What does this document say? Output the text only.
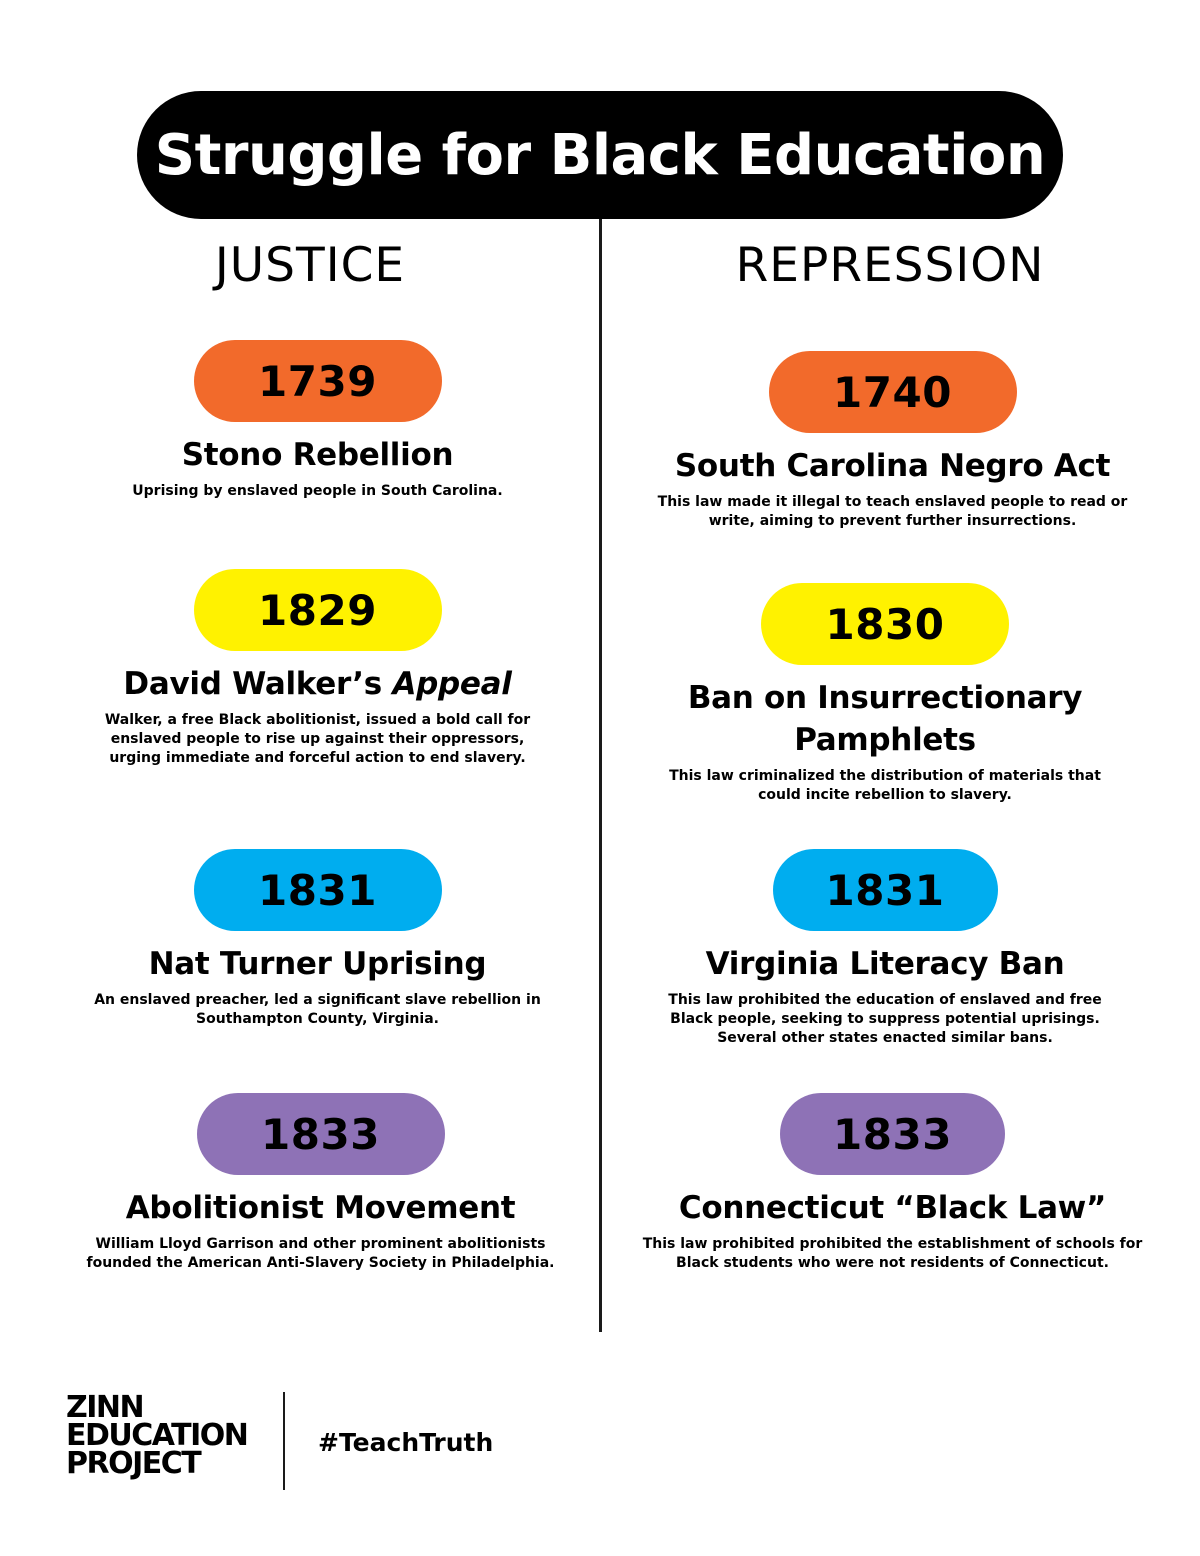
Struggle for Black Education
JUSTICE	REPRESSION
1739
Stono Rebellion

Uprising by enslaved people in South Carolina.

1829
David Walker’s Appeal

Walker, a free Black abolitionist, issued a bold call for enslaved people to rise up against their oppressors, urging immediate and forceful action to end slavery.

1831
Nat Turner Uprising

An enslaved preacher, led a significant slave rebellion in Southampton County, Virginia.

1833
Abolitionist Movement

William Lloyd Garrison and other prominent abolitionists founded the American Anti-Slavery Society in Philadelphia.

1740
South Carolina Negro Act

This law made it illegal to teach enslaved people to read or write, aiming to prevent further insurrections.

1830
Ban on Insurrectionary Pamphlets

This law criminalized the distribution of materials that could incite rebellion to slavery.

1831
Virginia Literacy Ban

This law prohibited the education of enslaved and free Black people, seeking to suppress potential uprisings. Several other states enacted similar bans.

1833
Connecticut “Black Law”

This law prohibited prohibited the establishment of schools for Black students who were not residents of Connecticut.

ZINN
EDUCATION
PROJECT
#TeachTruth
